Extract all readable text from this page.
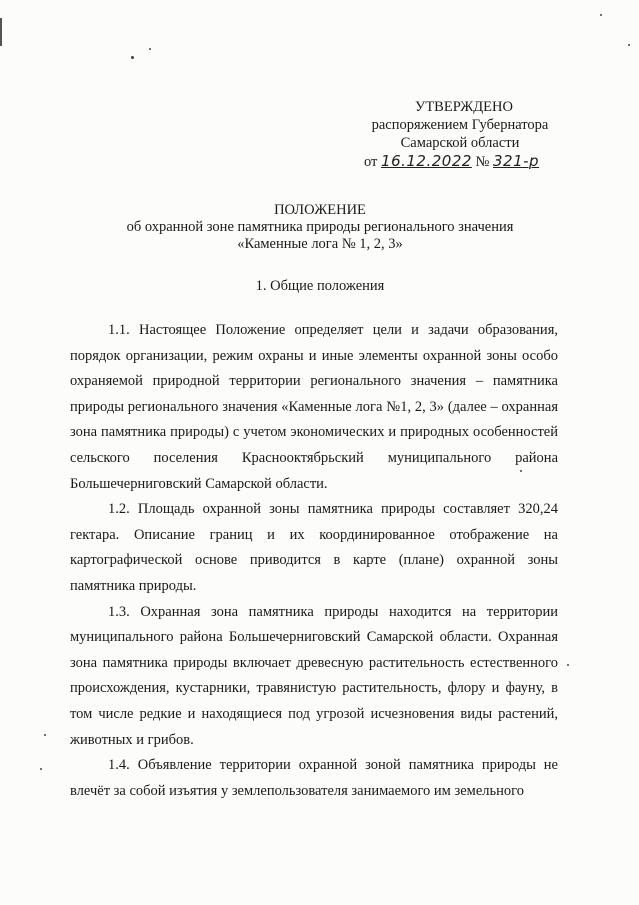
УТВЕРЖДЕНО
распоряжением Губернатора
Самарской области
от 16.12.2022 № 321-р
ПОЛОЖЕНИЕ
об охранной зоне памятника природы регионального значения
«Каменные лога № 1, 2, 3»
1. Общие положения

1.1. Настоящее Положение определяет цели и задачи образования, порядок организации, режим охраны и иные элементы охранной зоны особо охраняемой природной территории регионального значения – памятника природы регионального значения «Каменные лога №1, 2, 3» (далее – охранная зона памятника природы) с учетом экономических и природных особенностей сельского поселения Краснооктябрьский муниципального района Большечерниговский Самарской области.

1.2. Площадь охранной зоны памятника природы составляет 320,24 гектара. Описание границ и их координированное отображение на картографической основе приводится в карте (плане) охранной зоны памятника природы.

1.3. Охранная зона памятника природы находится на территории муниципального района Большечерниговский Самарской области. Охранная зона памятника природы включает древесную растительность естественного происхождения, кустарники, травянистую растительность, флору и фауну, в том числе редкие и находящиеся под угрозой исчезновения виды растений, животных и грибов.

1.4. Объявление территории охранной зоной памятника природы не влечёт за собой изъятия у землепользователя занимаемого им земельного
